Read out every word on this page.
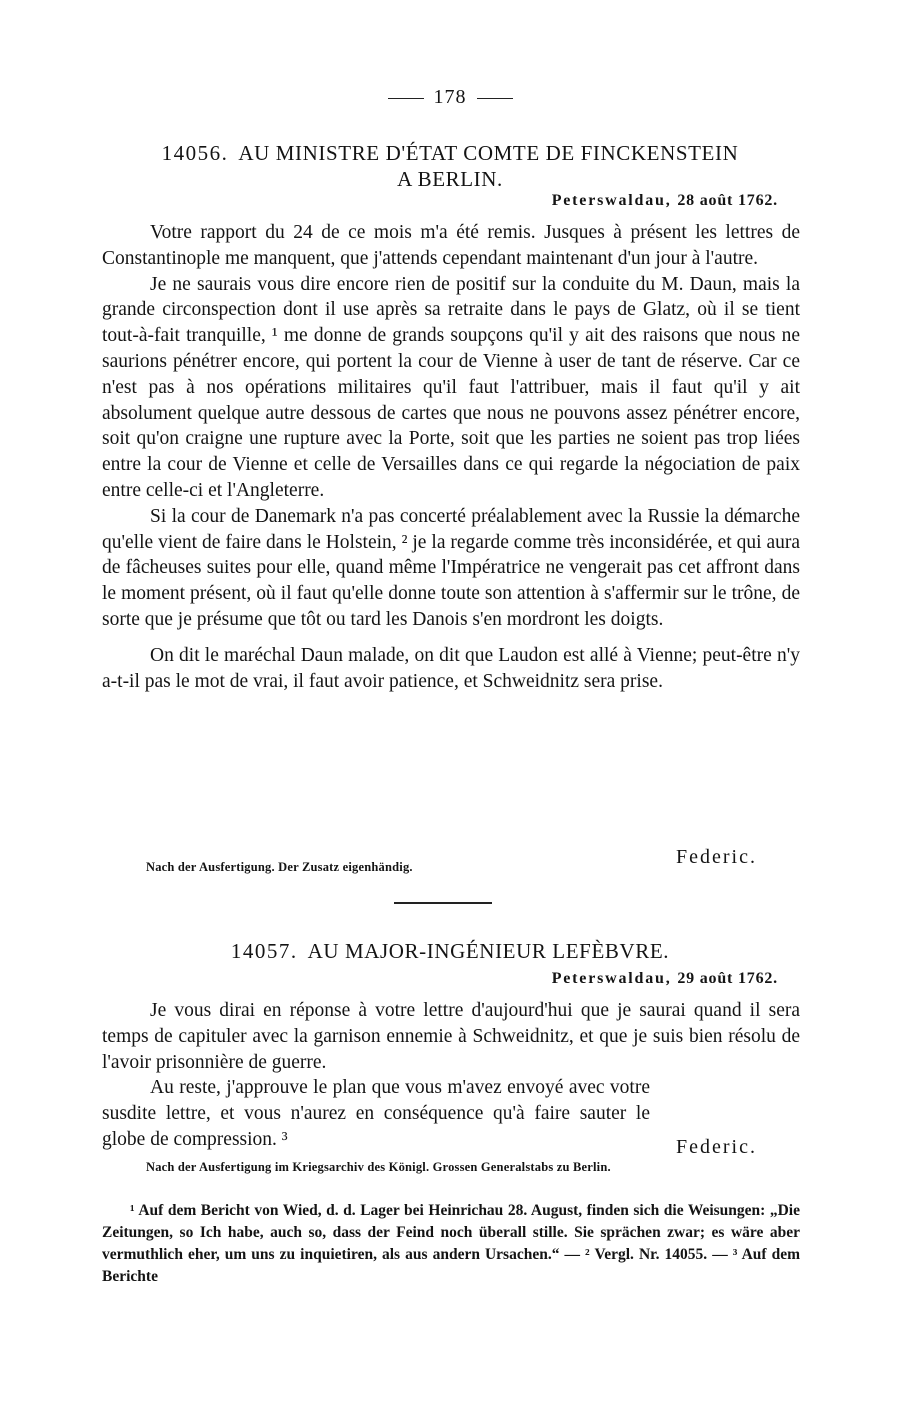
178
14056. AU MINISTRE D'ÉTAT COMTE DE FINCKENSTEIN
A BERLIN.
Peterswaldau, 28 août 1762.

Votre rapport du 24 de ce mois m'a été remis. Jusques à présent les lettres de Constantinople me manquent, que j'attends cependant maintenant d'un jour à l'autre.

Je ne saurais vous dire encore rien de positif sur la conduite du M. Daun, mais la grande circonspection dont il use après sa retraite dans le pays de Glatz, où il se tient tout-à-fait tranquille, ¹ me donne de grands soupçons qu'il y ait des raisons que nous ne saurions pénétrer encore, qui portent la cour de Vienne à user de tant de réserve. Car ce n'est pas à nos opérations militaires qu'il faut l'attribuer, mais il faut qu'il y ait absolument quelque autre dessous de cartes que nous ne pouvons assez pénétrer encore, soit qu'on craigne une rupture avec la Porte, soit que les parties ne soient pas trop liées entre la cour de Vienne et celle de Versailles dans ce qui regarde la négociation de paix entre celle-ci et l'Angleterre.

Si la cour de Danemark n'a pas concerté préalablement avec la Russie la démarche qu'elle vient de faire dans le Holstein, ² je la regarde comme très inconsidérée, et qui aura de fâcheuses suites pour elle, quand même l'Impératrice ne vengerait pas cet affront dans le moment présent, où il faut qu'elle donne toute son attention à s'affermir sur le trône, de sorte que je présume que tôt ou tard les Danois s'en mordront les doigts.

On dit le maréchal Daun malade, on dit que Laudon est allé à Vienne; peut-être n'y a-t-il pas le mot de vrai, il faut avoir patience, et Schweidnitz sera prise.

Nach der Ausfertigung. Der Zusatz eigenhändig.	Federic.
14057. AU MAJOR-INGÉNIEUR LEFÈBVRE.
Peterswaldau, 29 août 1762.

Je vous dirai en réponse à votre lettre d'aujourd'hui que je saurai quand il sera temps de capituler avec la garnison ennemie à Schweidnitz, et que je suis bien résolu de l'avoir prisonnière de guerre.

Au reste, j'approuve le plan que vous m'avez envoyé avec votre susdite lettre, et vous n'aurez en conséquence qu'à faire sauter le globe de compression. ³	Federic.
Nach der Ausfertigung im Kriegsarchiv des Königl. Grossen Generalstabs zu Berlin.
¹ Auf dem Bericht von Wied, d. d. Lager bei Heinrichau 28. August, finden sich die Weisungen: „Die Zeitungen, so Ich habe, auch so, dass der Feind noch überall stille. Sie sprächen zwar; es wäre aber vermuthlich eher, um uns zu inquietiren, als aus andern Ursachen.“ — ² Vergl. Nr. 14055. — ³ Auf dem Berichte
